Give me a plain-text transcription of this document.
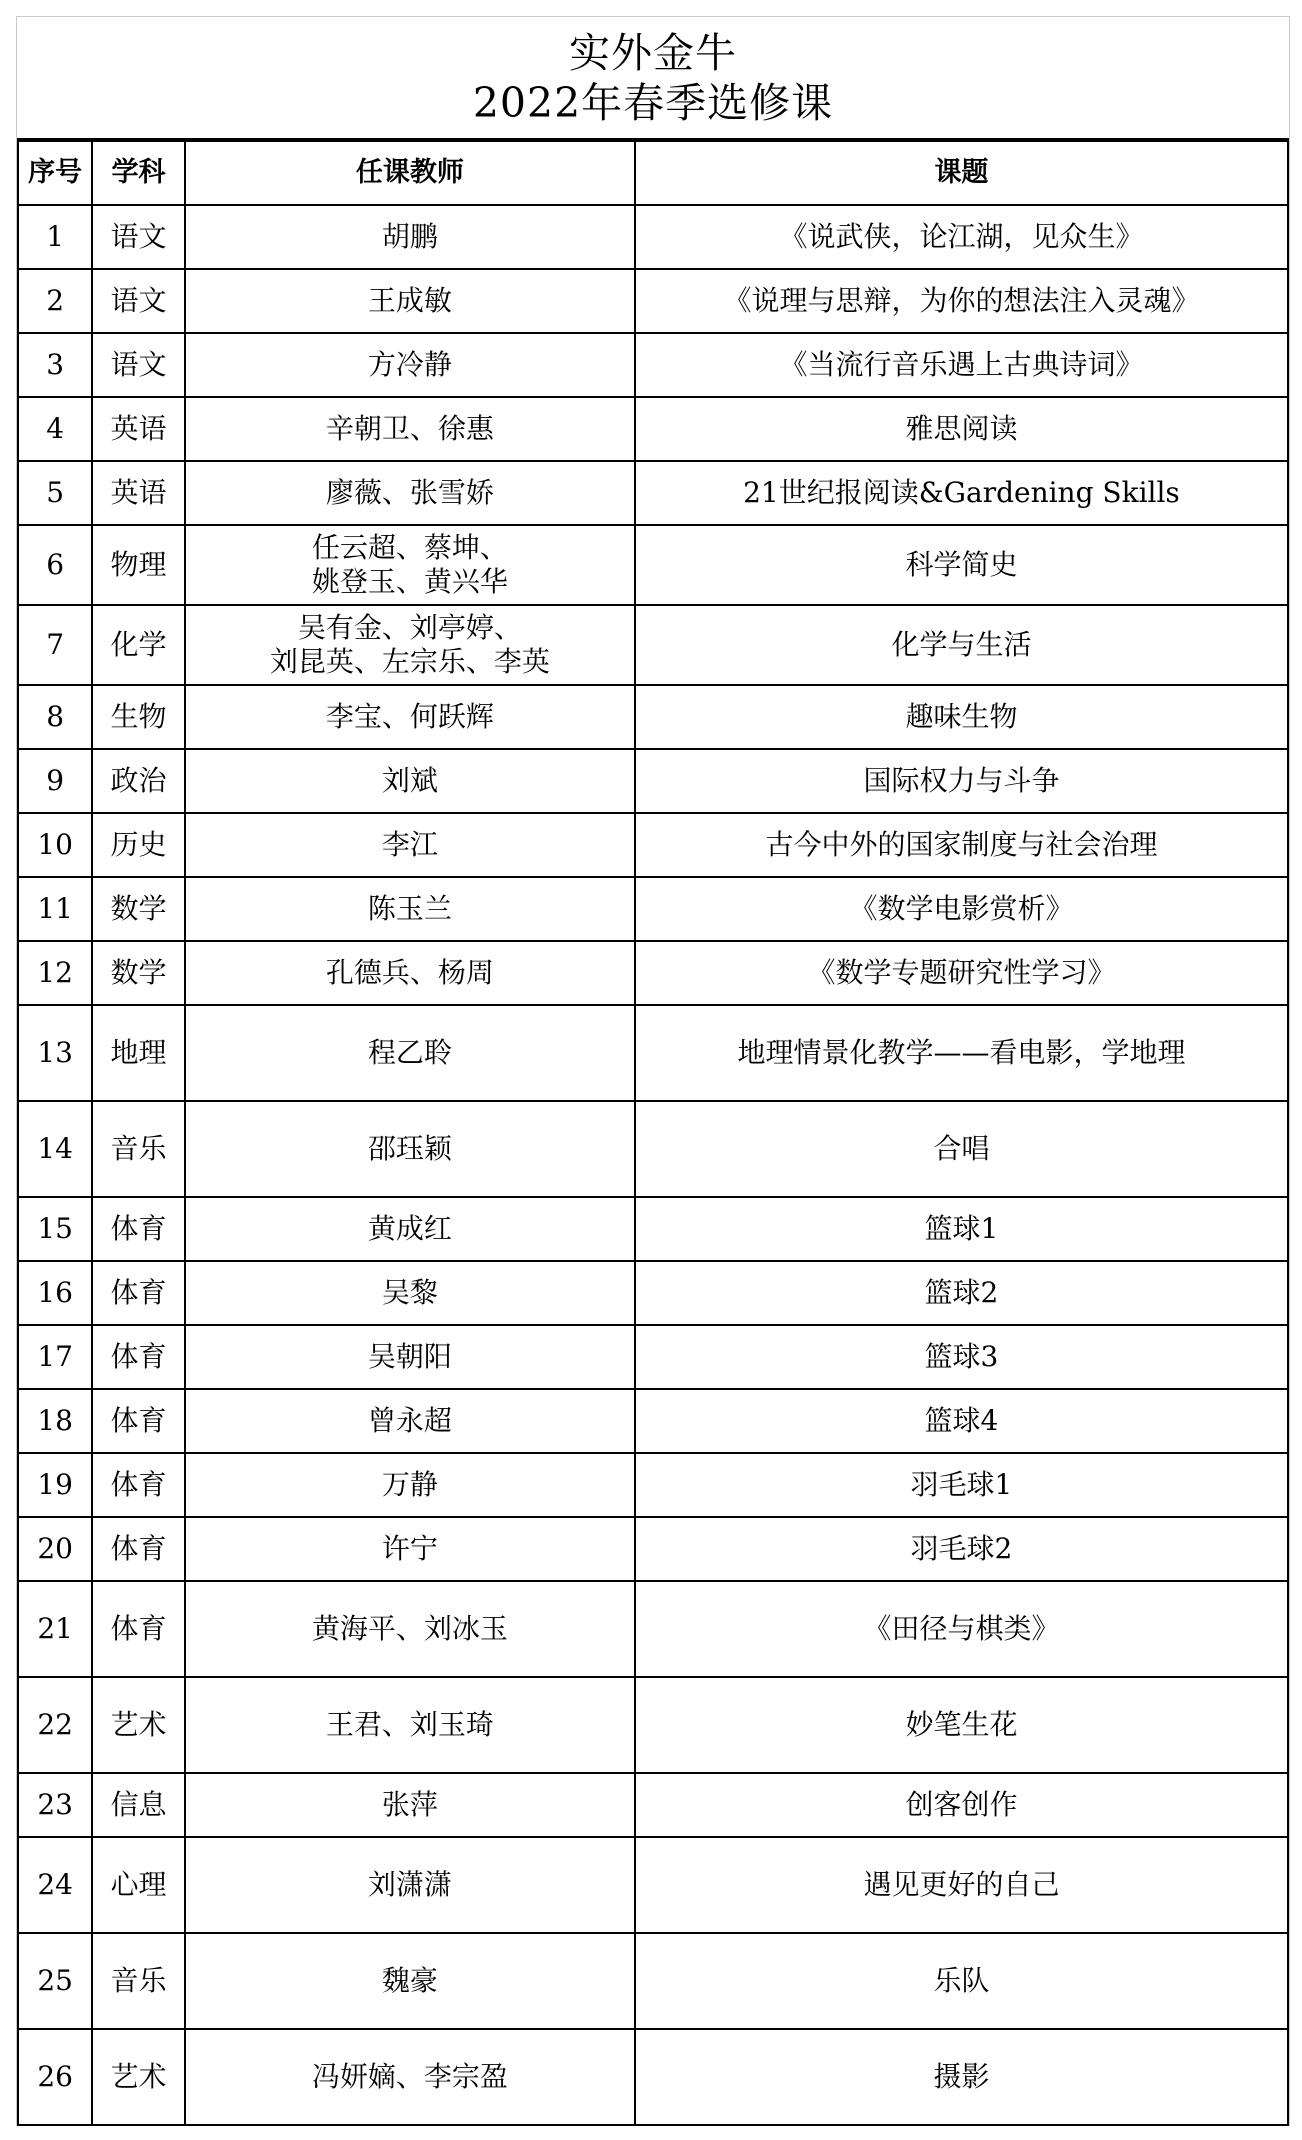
实外金牛
2022年春季选修课
序号	学科	任课教师	课题
1	语文	胡鹏	《说武侠，论江湖，见众生》
2	语文	王成敏	《说理与思辩，为你的想法注入灵魂》
3	语文	方冷静	《当流行音乐遇上古典诗词》
4	英语	辛朝卫、徐惠	雅思阅读
5	英语	廖薇、张雪娇	21世纪报阅读&Gardening Skills
6	物理	任云超、蔡坤、
姚登玉、黄兴华	科学简史
7	化学	吴有金、刘亭婷、
刘昆英、左宗乐、李英	化学与生活
8	生物	李宝、何跃辉	趣味生物
9	政治	刘斌	国际权力与斗争
10	历史	李江	古今中外的国家制度与社会治理
11	数学	陈玉兰	《数学电影赏析》
12	数学	孔德兵、杨周	《数学专题研究性学习》
13	地理	程乙聆	地理情景化教学——看电影，学地理
14	音乐	邵珏颖	合唱
15	体育	黄成红	篮球1
16	体育	吴黎	篮球2
17	体育	吴朝阳	篮球3
18	体育	曾永超	篮球4
19	体育	万静	羽毛球1
20	体育	许宁	羽毛球2
21	体育	黄海平、刘冰玉	《田径与棋类》
22	艺术	王君、刘玉琦	妙笔生花
23	信息	张萍	创客创作
24	心理	刘潇潇	遇见更好的自己
25	音乐	魏豪	乐队
26	艺术	冯妍嫡、李宗盈	摄影
